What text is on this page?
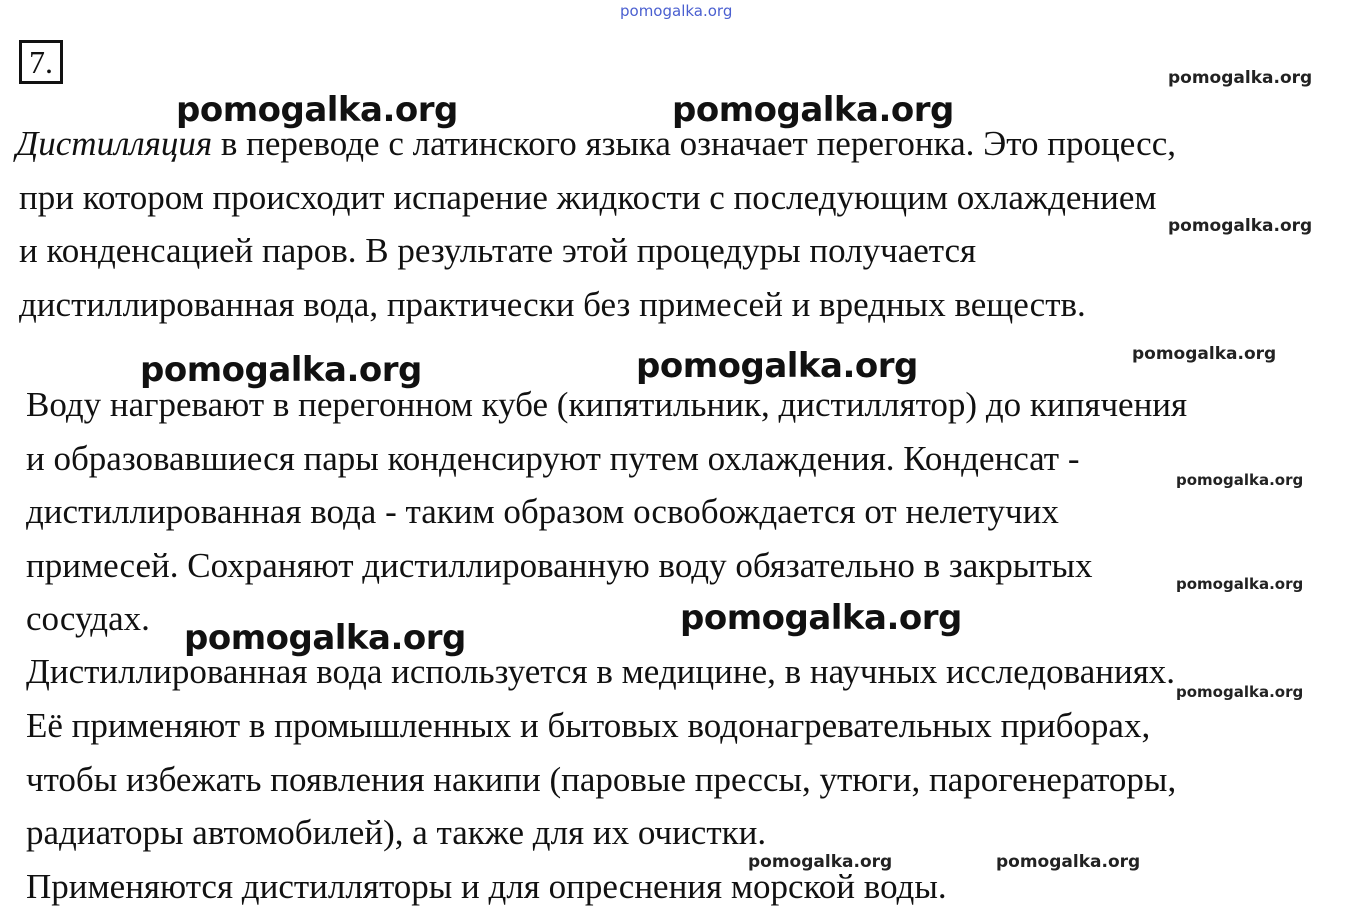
pomogalka.org
7.
Дистилляция в переводе с латинского языка означает перегонка. Это процесс,
при котором происходит испарение жидкости с последующим охлаждением
и конденсацией паров. В результате этой процедуры получается
дистиллированная вода, практически без примесей и вредных веществ.
Воду нагревают в перегонном кубе (кипятильник, дистиллятор) до кипячения
и образовавшиеся пары конденсируют путем охлаждения. Конденсат -
дистиллированная вода - таким образом освобождается от нелетучих
примесей. Сохраняют дистиллированную воду обязательно в закрытых
сосудах.
Дистиллированная вода используется в медицине, в научных исследованиях.
Её применяют в промышленных и бытовых водонагревательных приборах,
чтобы избежать появления накипи (паровые прессы, утюги, парогенераторы,
радиаторы автомобилей), а также для их очистки.
Применяются дистилляторы и для опреснения морской воды.
pomogalka.org	pomogalka.org
pomogalka.org	pomogalka.org
pomogalka.org	pomogalka.org
pomogalka.org
pomogalka.org
pomogalka.org
pomogalka.org
pomogalka.org
pomogalka.org
pomogalka.org	pomogalka.org
